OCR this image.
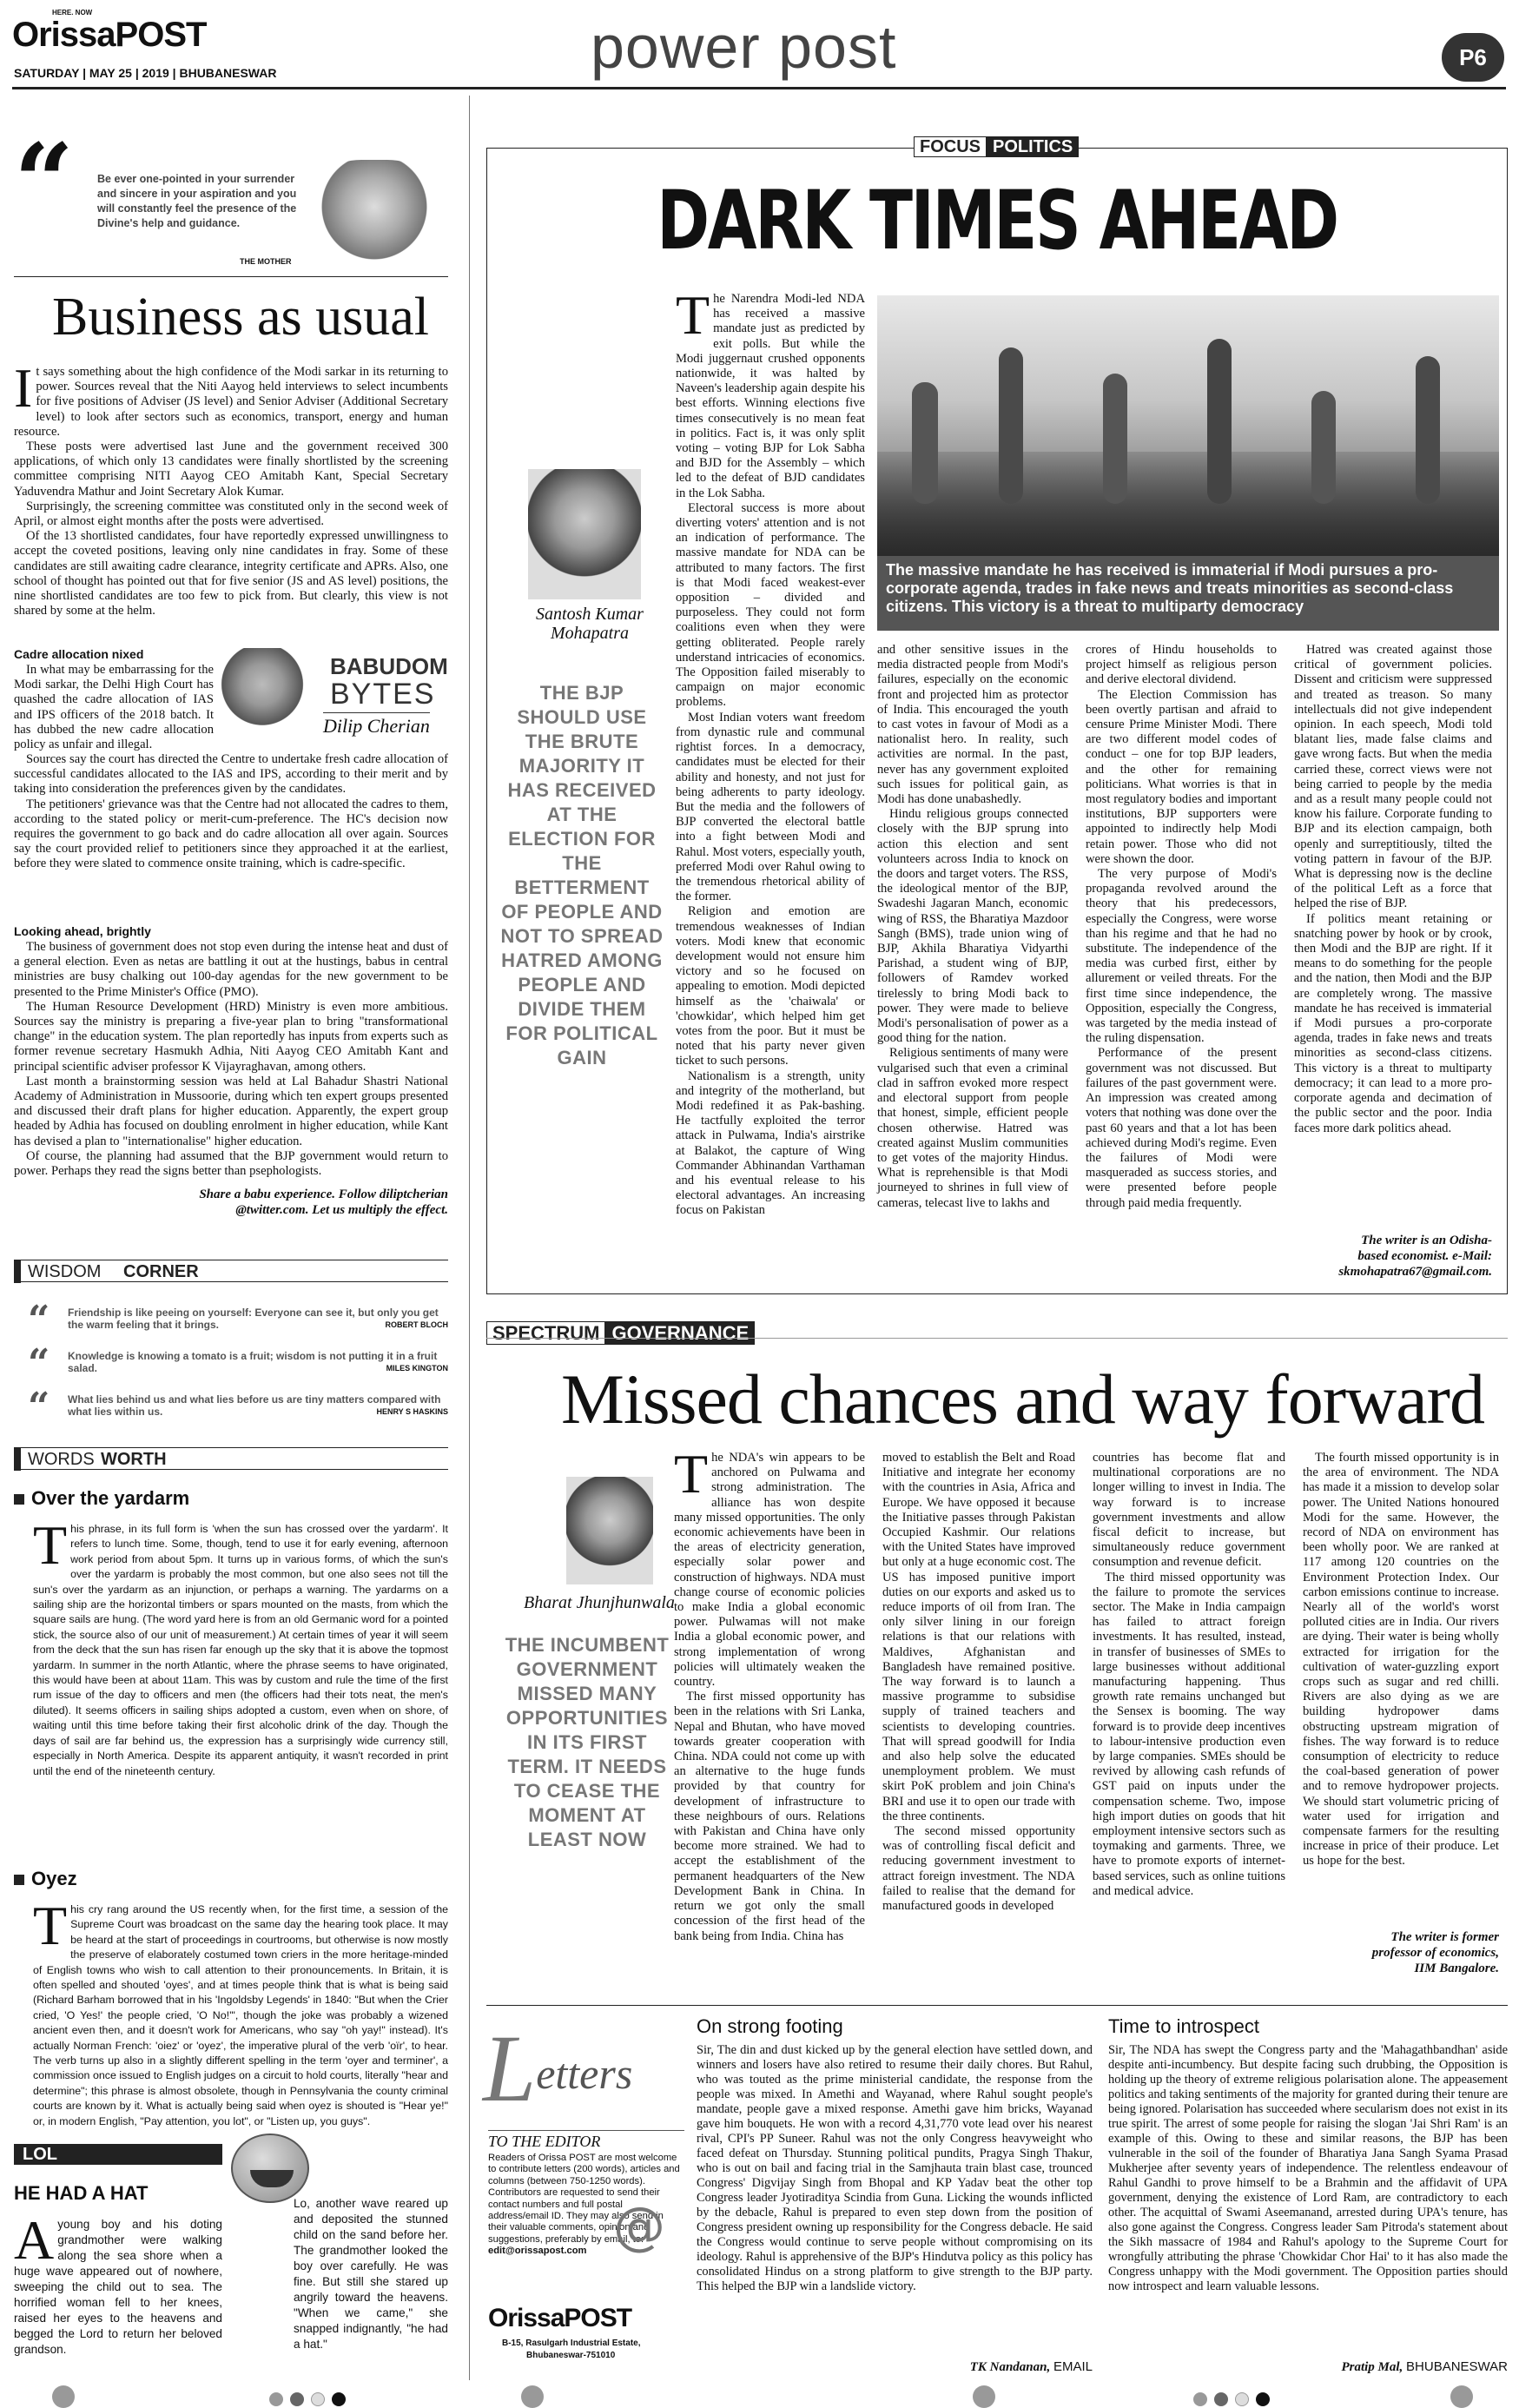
HERE. NOW
OrissaPOST
SATURDAY | MAY 25 | 2019 | BHUBANESWAR	power post	P6
“ Be ever one-pointed in your surrender and sincere in your aspiration and you will constantly feel the presence of the Divine's help and guidance.
THE MOTHER
Business as usual

It says something about the high confidence of the Modi sarkar in its returning to power. Sources reveal that the Niti Aayog held interviews to select incumbents for five positions of Adviser (JS level) and Senior Adviser (Additional Secretary level) to look after sectors such as economics, transport, energy and human resource.

These posts were advertised last June and the government received 300 applications, of which only 13 candidates were finally shortlisted by the screening committee comprising NITI Aayog CEO Amitabh Kant, Special Secretary Yaduvendra Mathur and Joint Secretary Alok Kumar.

Surprisingly, the screening committee was constituted only in the second week of April, or almost eight months after the posts were advertised.

Of the 13 shortlisted candidates, four have reportedly expressed unwillingness to accept the coveted positions, leaving only nine candidates in fray. Some of these candidates are still awaiting cadre clearance, integrity certificate and APRs. Also, one school of thought has pointed out that for five senior (JS and AS level) positions, the nine shortlisted candidates are too few to pick from. But clearly, this view is not shared by some at the helm.

Cadre allocation nixed

In what may be embarrassing for the Modi sarkar, the Delhi High Court has quashed the cadre allocation of IAS and IPS officers of the 2018 batch. It has dubbed the new cadre allocation policy as unfair and illegal.

BABUDOM
BYTES
Dilip Cherian

Sources say the court has directed the Centre to undertake fresh cadre allocation of successful candidates allocated to the IAS and IPS, according to their merit and by taking into consideration the preferences given by the candidates.

The petitioners' grievance was that the Centre had not allocated the cadres to them, according to the stated policy or merit-cum-preference. The HC's decision now requires the government to go back and do cadre allocation all over again. Sources say the court provided relief to petitioners since they approached it at the earliest, before they were slated to commence onsite training, which is cadre-specific.

Looking ahead, brightly

The business of government does not stop even during the intense heat and dust of a general election. Even as netas are battling it out at the hustings, babus in central ministries are busy chalking out 100-day agendas for the new government to be presented to the Prime Minister's Office (PMO).

The Human Resource Development (HRD) Ministry is even more ambitious. Sources say the ministry is preparing a five-year plan to bring "transformational change" in the education system. The plan reportedly has inputs from experts such as former revenue secretary Hasmukh Adhia, Niti Aayog CEO Amitabh Kant and principal scientific adviser professor K Vijayraghavan, among others.

Last month a brainstorming session was held at Lal Bahadur Shastri National Academy of Administration in Mussoorie, during which ten expert groups presented and discussed their draft plans for higher education. Apparently, the expert group headed by Adhia has focused on doubling enrolment in higher education, while Kant has devised a plan to "internationalise" higher education.

Of course, the planning had assumed that the BJP government would return to power. Perhaps they read the signs better than psephologists.

Share a babu experience. Follow diliptcherian
@twitter.com. Let us multiply the effect.
WISDOM CORNER
“ Friendship is like peeing on yourself: Everyone can see it, but only you get the warm feeling that it brings.	ROBERT BLOCH
“ Knowledge is knowing a tomato is a fruit; wisdom is not putting it in a fruit salad.	MILES KINGTON
“ What lies behind us and what lies before us are tiny matters compared with what lies within us.	HENRY S HASKINS
WORDS WORTH
Over the yardarm
This phrase, in its full form is 'when the sun has crossed over the yardarm'. It refers to lunch time. Some, though, tend to use it for early evening, afternoon work period from about 5pm. It turns up in various forms, of which the sun's over the yardarm is probably the most common, but one also sees not till the sun's over the yardarm as an injunction, or perhaps a warning. The yardarms on a sailing ship are the horizontal timbers or spars mounted on the masts, from which the square sails are hung. (The word yard here is from an old Germanic word for a pointed stick, the source also of our unit of measurement.) At certain times of year it will seem from the deck that the sun has risen far enough up the sky that it is above the topmost yardarm. In summer in the north Atlantic, where the phrase seems to have originated, this would have been at about 11am. This was by custom and rule the time of the first rum issue of the day to officers and men (the officers had their tots neat, the men's diluted). It seems officers in sailing ships adopted a custom, even when on shore, of waiting until this time before taking their first alcoholic drink of the day. Though the days of sail are far behind us, the expression has a surprisingly wide currency still, especially in North America. Despite its apparent antiquity, it wasn't recorded in print until the end of the nineteenth century.
Oyez
This cry rang around the US recently when, for the first time, a session of the Supreme Court was broadcast on the same day the hearing took place. It may be heard at the start of proceedings in courtrooms, but otherwise is now mostly the preserve of elaborately costumed town criers in the more heritage-minded of English towns who wish to call attention to their pronouncements. In Britain, it is often spelled and shouted 'oyes', and at times people think that is what is being said (Richard Barham borrowed that in his 'Ingoldsby Legends' in 1840: "But when the Crier cried, 'O Yes!' the people cried, 'O No!'", though the joke was probably a wizened ancient even then, and it doesn't work for Americans, who say "oh yay!" instead). It's actually Norman French: 'oiez' or 'oyez', the imperative plural of the verb 'oïr', to hear. The verb turns up also in a slightly different spelling in the term 'oyer and terminer', a commission once issued to English judges on a circuit to hold courts, literally "hear and determine"; this phrase is almost obsolete, though in Pennsylvania the county criminal courts are known by it. What is actually being said when oyez is shouted is "Hear ye!" or, in modern English, "Pay attention, you lot", or "Listen up, you guys".
LOL
HE HAD A HAT
Ayoung boy and his doting grandmother were walking along the sea shore when a huge wave appeared out of nowhere, sweeping the child out to sea. The horrified woman fell to her knees, raised her eyes to the heavens and begged the Lord to return her beloved grandson.
Lo, another wave reared up and deposited the stunned child on the sand before her. The grandmother looked the boy over carefully. He was fine. But still she stared up angrily toward the heavens. "When we came," she snapped indignantly, "he had a hat."
FOCUS POLITICS
DARK TIMES AHEAD
Santosh Kumar Mohapatra
THE BJP SHOULD USE THE BRUTE MAJORITY IT HAS RECEIVED AT THE ELECTION FOR THE BETTERMENT OF PEOPLE AND NOT TO SPREAD HATRED AMONG PEOPLE AND DIVIDE THEM FOR POLITICAL GAIN
The massive mandate he has received is immaterial if Modi pursues a pro-corporate agenda, trades in fake news and treats minorities as second-class citizens. This victory is a threat to multiparty democracy

The Narendra Modi-led NDA has received a massive mandate just as predicted by exit polls. But while the Modi juggernaut crushed opponents nationwide, it was halted by Naveen's leadership again despite his best efforts. Winning elections five times consecutively is no mean feat in politics. Fact is, it was only split voting – voting BJP for Lok Sabha and BJD for the Assembly – which led to the defeat of BJD candidates in the Lok Sabha.

Electoral success is more about diverting voters' attention and is not an indication of performance. The massive mandate for NDA can be attributed to many factors. The first is that Modi faced weakest-ever opposition – divided and purposeless. They could not form coalitions even when they were getting obliterated. People rarely understand intricacies of economics. The Opposition failed miserably to campaign on major economic problems.

Most Indian voters want freedom from dynastic rule and communal rightist forces. In a democracy, candidates must be elected for their ability and honesty, and not just for being adherents to party ideology. But the media and the followers of BJP converted the electoral battle into a fight between Modi and Rahul. Most voters, especially youth, preferred Modi over Rahul owing to the tremendous rhetorical ability of the former.

Religion and emotion are tremendous weaknesses of Indian voters. Modi knew that economic development would not ensure him victory and so he focused on appealing to emotion. Modi depicted himself as the 'chaiwala' or 'chowkidar', which helped him get votes from the poor. But it must be noted that his party never given ticket to such persons.

Nationalism is a strength, unity and integrity of the motherland, but Modi redefined it as Pak-bashing. He tactfully exploited the terror attack in Pulwama, India's airstrike at Balakot, the capture of Wing Commander Abhinandan Varthaman and his eventual release to his electoral advantages. An increasing focus on Pakistan

and other sensitive issues in the media distracted people from Modi's failures, especially on the economic front and projected him as protector of India. This encouraged the youth to cast votes in favour of Modi as a nationalist hero. In reality, such activities are normal. In the past, never has any government exploited such issues for political gain, as Modi has done unabashedly.

Hindu religious groups connected closely with the BJP sprung into action this election and sent volunteers across India to knock on the doors and target voters. The RSS, the ideological mentor of the BJP, Swadeshi Jagaran Manch, economic wing of RSS, the Bharatiya Mazdoor Sangh (BMS), trade union wing of BJP, Akhila Bharatiya Vidyarthi Parishad, a student wing of BJP, followers of Ramdev worked tirelessly to bring Modi back to power. They were made to believe Modi's personalisation of power as a good thing for the nation.

Religious sentiments of many were vulgarised such that even a criminal clad in saffron evoked more respect and electoral support from people that honest, simple, efficient people chosen otherwise. Hatred was created against Muslim communities to get votes of the majority Hindus. What is reprehensible is that Modi journeyed to shrines in full view of cameras, telecast live to lakhs and

crores of Hindu households to project himself as religious person and derive electoral dividend.

The Election Commission has been overtly partisan and afraid to censure Prime Minister Modi. There are two different model codes of conduct – one for top BJP leaders, and the other for remaining politicians. What worries is that in most regulatory bodies and important institutions, BJP supporters were appointed to indirectly help Modi retain power. Those who did not were shown the door.

The very purpose of Modi's propaganda revolved around the theory that his predecessors, especially the Congress, were worse than his regime and that he had no substitute. The independence of the media was curbed first, either by allurement or veiled threats. For the first time since independence, the Opposition, especially the Congress, was targeted by the media instead of the ruling dispensation.

Performance of the present government was not discussed. But failures of the past government were. An impression was created among voters that nothing was done over the past 60 years and that a lot has been achieved during Modi's regime. Even the failures of Modi were masqueraded as success stories, and were presented before people through paid media frequently.

Hatred was created against those critical of government policies. Dissent and criticism were suppressed and treated as treason. So many intellectuals did not give independent opinion. In each speech, Modi told blatant lies, made false claims and gave wrong facts. But when the media carried these, correct views were not being carried to people by the media and as a result many people could not know his failure. Corporate funding to BJP and its election campaign, both openly and surreptitiously, tilted the voting pattern in favour of the BJP. What is depressing now is the decline of the political Left as a force that helped the rise of BJP.

If politics meant retaining or snatching power by hook or by crook, then Modi and the BJP are right. If it means to do something for the people and the nation, then Modi and the BJP are completely wrong. The massive mandate he has received is immaterial if Modi pursues a pro-corporate agenda, trades in fake news and treats minorities as second-class citizens. This victory is a threat to multiparty democracy; it can lead to a more pro-corporate agenda and decimation of the public sector and the poor. India faces more dark politics ahead.

The writer is an Odisha-
based economist. e-Mail:
skmohapatra67@gmail.com.
SPECTRUM GOVERNANCE
Missed chances and way forward
Bharat Jhunjhunwala
THE INCUMBENT GOVERNMENT MISSED MANY OPPORTUNITIES IN ITS FIRST TERM. IT NEEDS TO CEASE THE MOMENT AT LEAST NOW

The NDA's win appears to be anchored on Pulwama and strong administration. The alliance has won despite many missed opportunities. The only economic achievements have been in the areas of electricity generation, especially solar power and construction of highways. NDA must change course of economic policies to make India a global economic power. Pulwamas will not make India a global economic power, and strong implementation of wrong policies will ultimately weaken the country.

The first missed opportunity has been in the relations with Sri Lanka, Nepal and Bhutan, who have moved towards greater cooperation with China. NDA could not come up with an alternative to the huge funds provided by that country for development of infrastructure to these neighbours of ours. Relations with Pakistan and China have only become more strained. We had to accept the establishment of the permanent headquarters of the New Development Bank in China. In return we got only the small concession of the first head of the bank being from India. China has

moved to establish the Belt and Road Initiative and integrate her economy with the countries in Asia, Africa and Europe. We have opposed it because the Initiative passes through Pakistan Occupied Kashmir. Our relations with the United States have improved but only at a huge economic cost. The US has imposed punitive import duties on our exports and asked us to reduce imports of oil from Iran. The only silver lining in our foreign relations is that our relations with Maldives, Afghanistan and Bangladesh have remained positive. The way forward is to launch a massive programme to subsidise supply of trained teachers and scientists to developing countries. That will spread goodwill for India and also help solve the educated unemployment problem. We must skirt PoK problem and join China's BRI and use it to open our trade with the three continents.

The second missed opportunity was of controlling fiscal deficit and reducing government investment to attract foreign investment. The NDA failed to realise that the demand for manufactured goods in developed

countries has become flat and multinational corporations are no longer willing to invest in India. The way forward is to increase government investments and allow fiscal deficit to increase, but simultaneously reduce government consumption and revenue deficit.

The third missed opportunity was the failure to promote the services sector. The Make in India campaign has failed to attract foreign investments. It has resulted, instead, in transfer of businesses of SMEs to large businesses without additional manufacturing happening. Thus growth rate remains unchanged but the Sensex is booming. The way forward is to provide deep incentives to labour-intensive production even by large companies. SMEs should be revived by allowing cash refunds of GST paid on inputs under the compensation scheme. Two, impose high import duties on goods that hit employment intensive sectors such as toymaking and garments. Three, we have to promote exports of internet-based services, such as online tuitions and medical advice.

The fourth missed opportunity is in the area of environment. The NDA has made it a mission to develop solar power. The United Nations honoured Modi for the same. However, the record of NDA on environment has been wholly poor. We are ranked at 117 among 120 countries on the Environment Protection Index. Our carbon emissions continue to increase. Nearly all of the world's worst polluted cities are in India. Our rivers are dying. Their water is being wholly extracted for irrigation for the cultivation of water-guzzling export crops such as sugar and red chilli. Rivers are also dying as we are building hydropower dams obstructing upstream migration of fishes. The way forward is to reduce consumption of electricity to reduce the coal-based generation of power and to remove hydropower projects. We should start volumetric pricing of water used for irrigation and compensate farmers for the resulting increase in price of their produce. Let us hope for the best.

The writer is former
professor of economics,
IIM Bangalore.
Letters
TO THE EDITOR
Readers of Orissa POST are most welcome to contribute letters (200 words), articles and columns (between 750-1250 words). Contributors are requested to send their contact numbers and full postal address/email ID. They may also send in their valuable comments, opinion and suggestions, preferably by email, to: edit@orissapost.com @
OrissaPOST
B-15, Rasulgarh Industrial Estate,
Bhubaneswar-751010
On strong footing
Sir, The din and dust kicked up by the general election have settled down, and winners and losers have also retired to resume their daily chores. But Rahul, who was touted as the prime ministerial candidate, the response from the people was mixed. In Amethi and Wayanad, where Rahul sought people's mandate, people gave a mixed response. Amethi gave him bricks, Wayanad gave him bouquets. He won with a record 4,31,770 vote lead over his nearest rival, CPI's PP Suneer. Rahul was not the only Congress heavyweight who faced defeat on Thursday. Stunning political pundits, Pragya Singh Thakur, who is out on bail and facing trial in the Samjhauta train blast case, trounced Congress' Digvijay Singh from Bhopal and KP Yadav beat the other top Congress leader Jyotiraditya Scindia from Guna. Licking the wounds inflicted by the debacle, Rahul is prepared to even step down from the position of Congress president owning up responsibility for the Congress debacle. He said the Congress would continue to serve people without compromising on its ideology. Rahul is apprehensive of the BJP's Hindutva policy as this policy has consolidated Hindus on a strong platform to give strength to the BJP party. This helped the BJP win a landslide victory.
TK Nandanan, EMAIL
Time to introspect
Sir, The NDA has swept the Congress party and the 'Mahagathbandhan' aside despite anti-incumbency. But despite facing such drubbing, the Opposition is holding up the theory of extreme religious polarisation alone. The appeasement politics and taking sentiments of the majority for granted during their tenure are being ignored. Polarisation has succeeded where secularism does not exist in its true spirit. The arrest of some people for raising the slogan 'Jai Shri Ram' is an example of this. Owing to these and similar reasons, the BJP has been vulnerable in the soil of the founder of Bharatiya Jana Sangh Syama Prasad Mukherjee after seventy years of independence. The relentless endeavour of Rahul Gandhi to prove himself to be a Brahmin and the affidavit of UPA government, denying the existence of Lord Ram, are contradictory to each other. The acquittal of Swami Aseemanand, arrested during UPA's tenure, has also gone against the Congress. Congress leader Sam Pitroda's statement about the Sikh massacre of 1984 and Rahul's apology to the Supreme Court for wrongfully attributing the phrase 'Chowkidar Chor Hai' to it has also made the Congress unhappy with the Modi government. The Opposition parties should now introspect and learn valuable lessons.
Pratip Mal, BHUBANESWAR
